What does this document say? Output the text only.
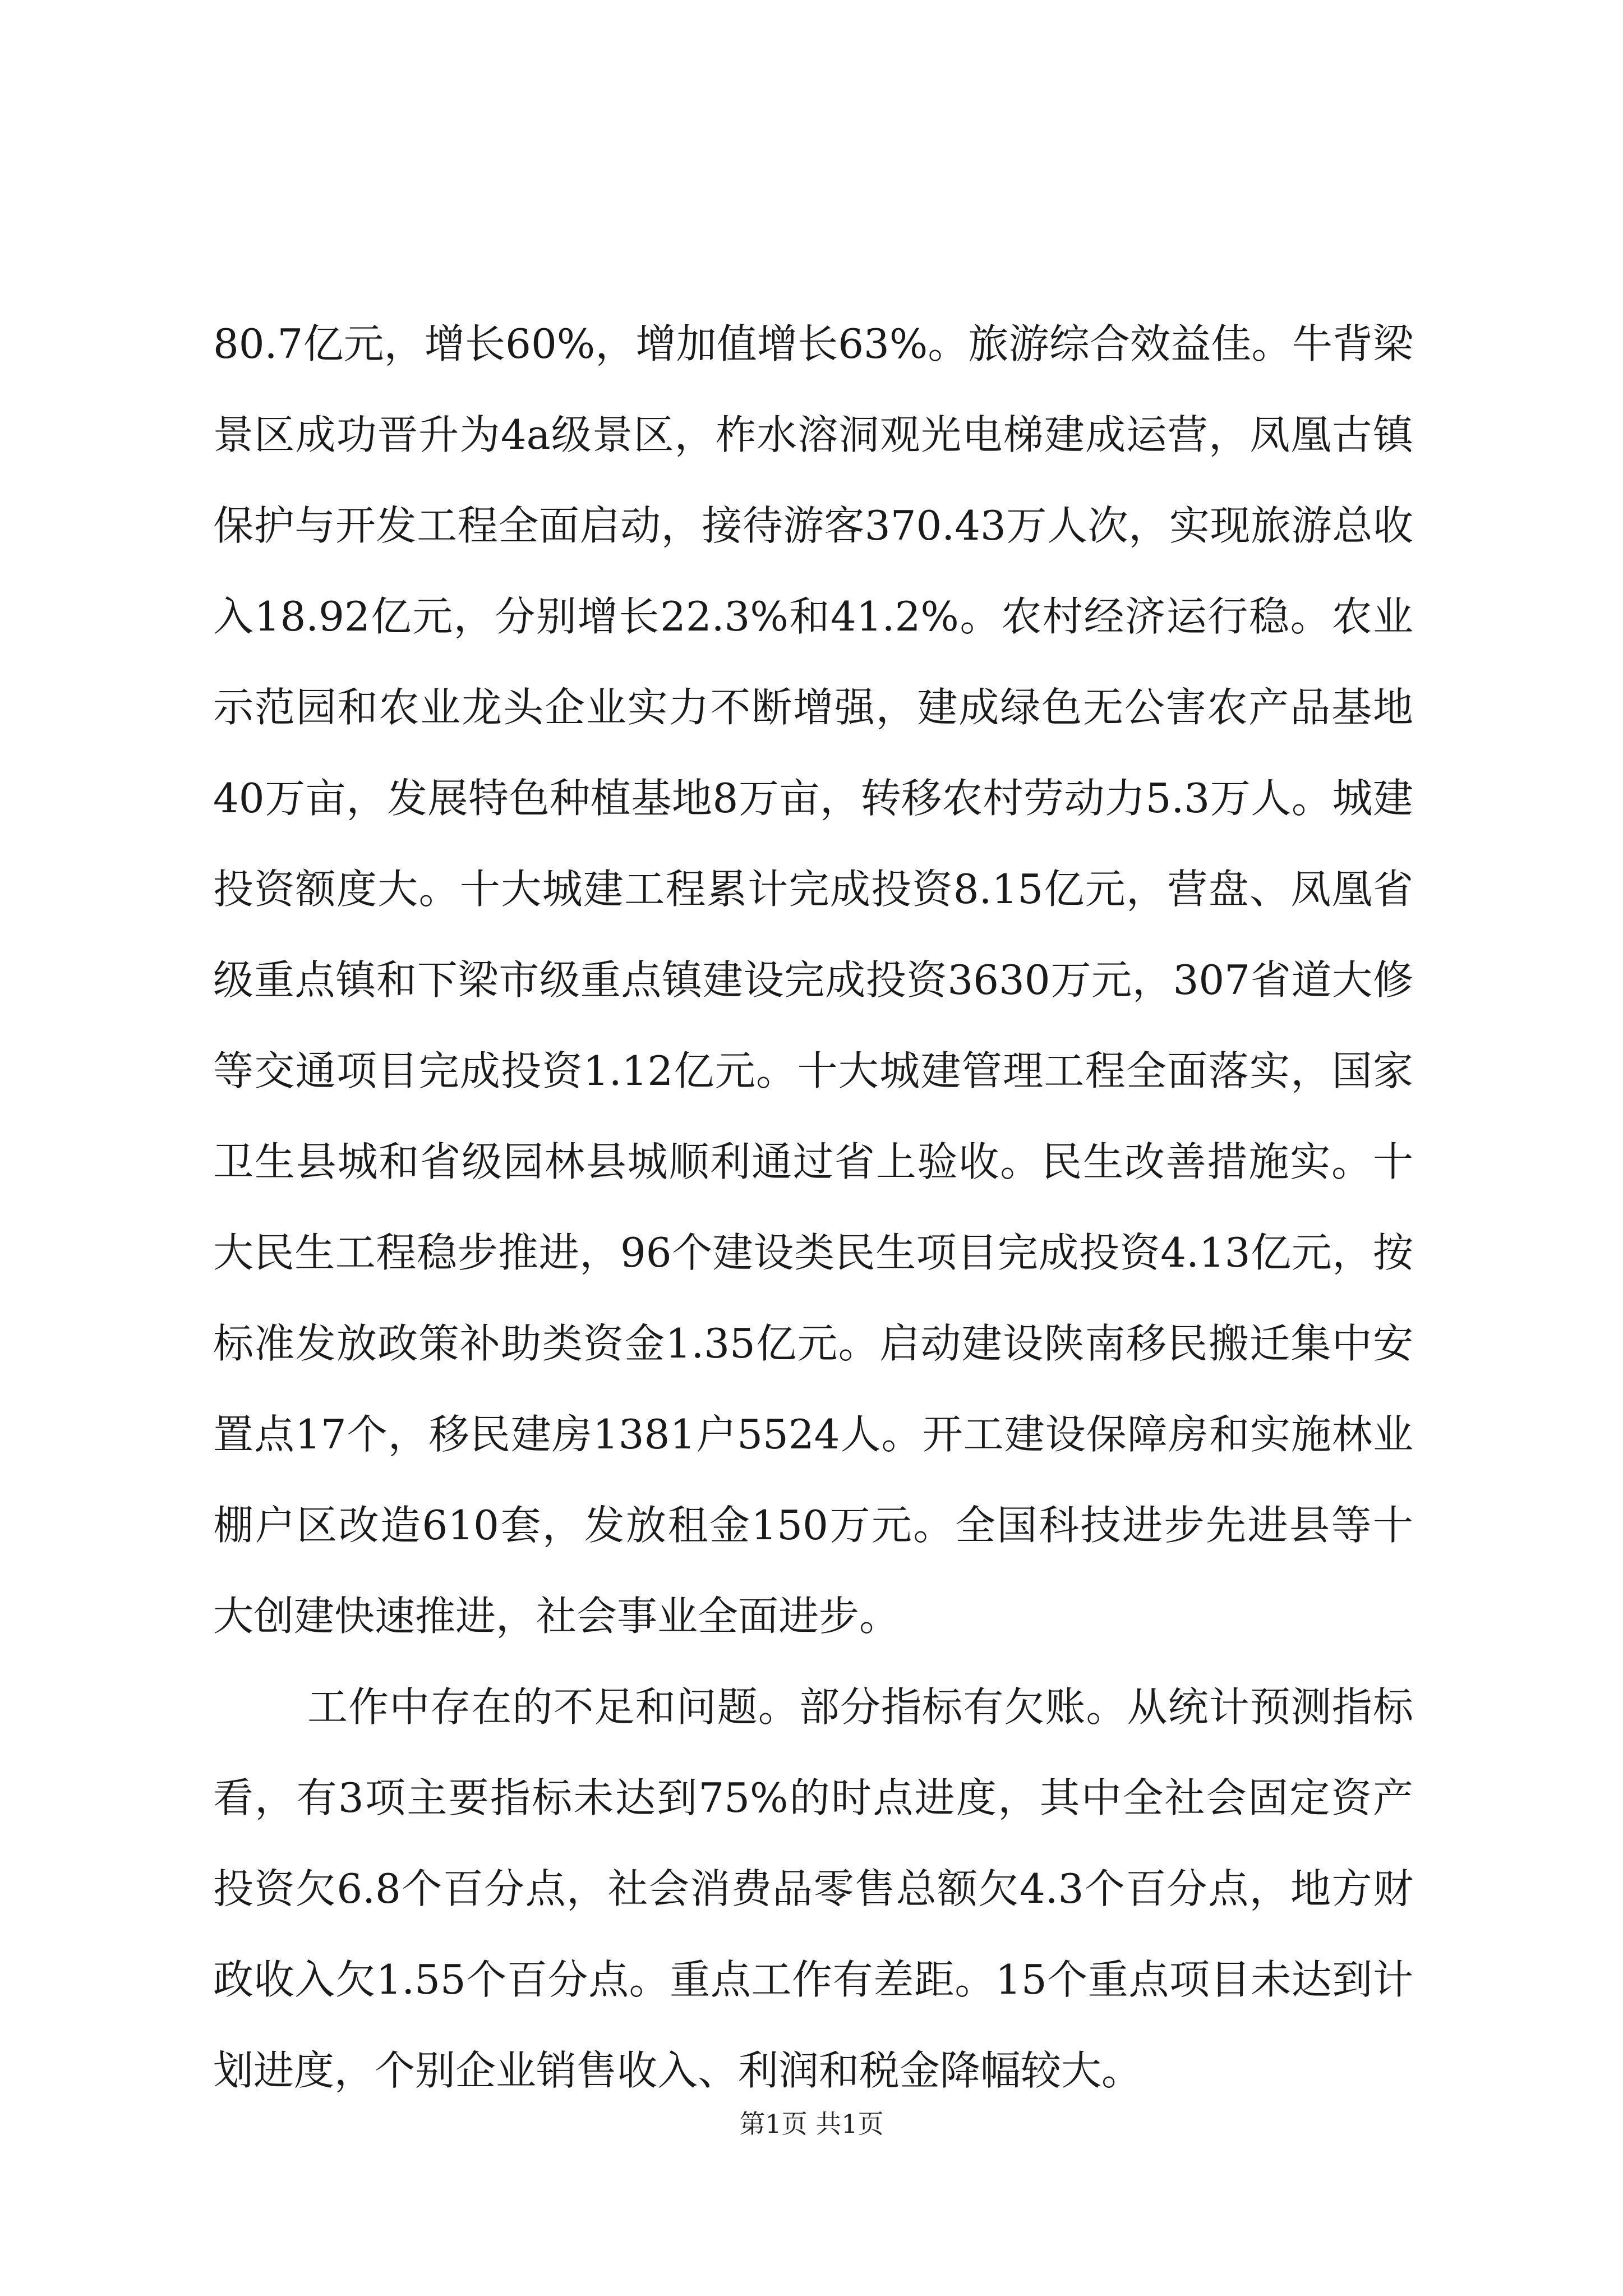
80.7亿元，增长60%，增加值增长63%。旅游综合效益佳。牛背梁景区成功晋升为4a级景区，柞水溶洞观光电梯建成运营，凤凰古镇保护与开发工程全面启动，接待游客370.43万人次，实现旅游总收入18.92亿元，分别增长22.3%和41.2%。农村经济运行稳。农业示范园和农业龙头企业实力不断增强，建成绿色无公害农产品基地40万亩，发展特色种植基地8万亩，转移农村劳动力5.3万人。城建投资额度大。十大城建工程累计完成投资8.15亿元，营盘、凤凰省级重点镇和下梁市级重点镇建设完成投资3630万元，307省道大修等交通项目完成投资1.12亿元。十大城建管理工程全面落实，国家卫生县城和省级园林县城顺利通过省上验收。民生改善措施实。十大民生工程稳步推进，96个建设类民生项目完成投资4.13亿元，按标准发放政策补助类资金1.35亿元。启动建设陕南移民搬迁集中安置点17个，移民建房1381户5524人。开工建设保障房和实施林业棚户区改造610套，发放租金150万元。全国科技进步先进县等十大创建快速推进，社会事业全面进步。

工作中存在的不足和问题。部分指标有欠账。从统计预测指标看，有3项主要指标未达到75%的时点进度，其中全社会固定资产投资欠6.8个百分点，社会消费品零售总额欠4.3个百分点，地方财政收入欠1.55个百分点。重点工作有差距。15个重点项目未达到计划进度，个别企业销售收入、利润和税金降幅较大。

第1页 共1页
